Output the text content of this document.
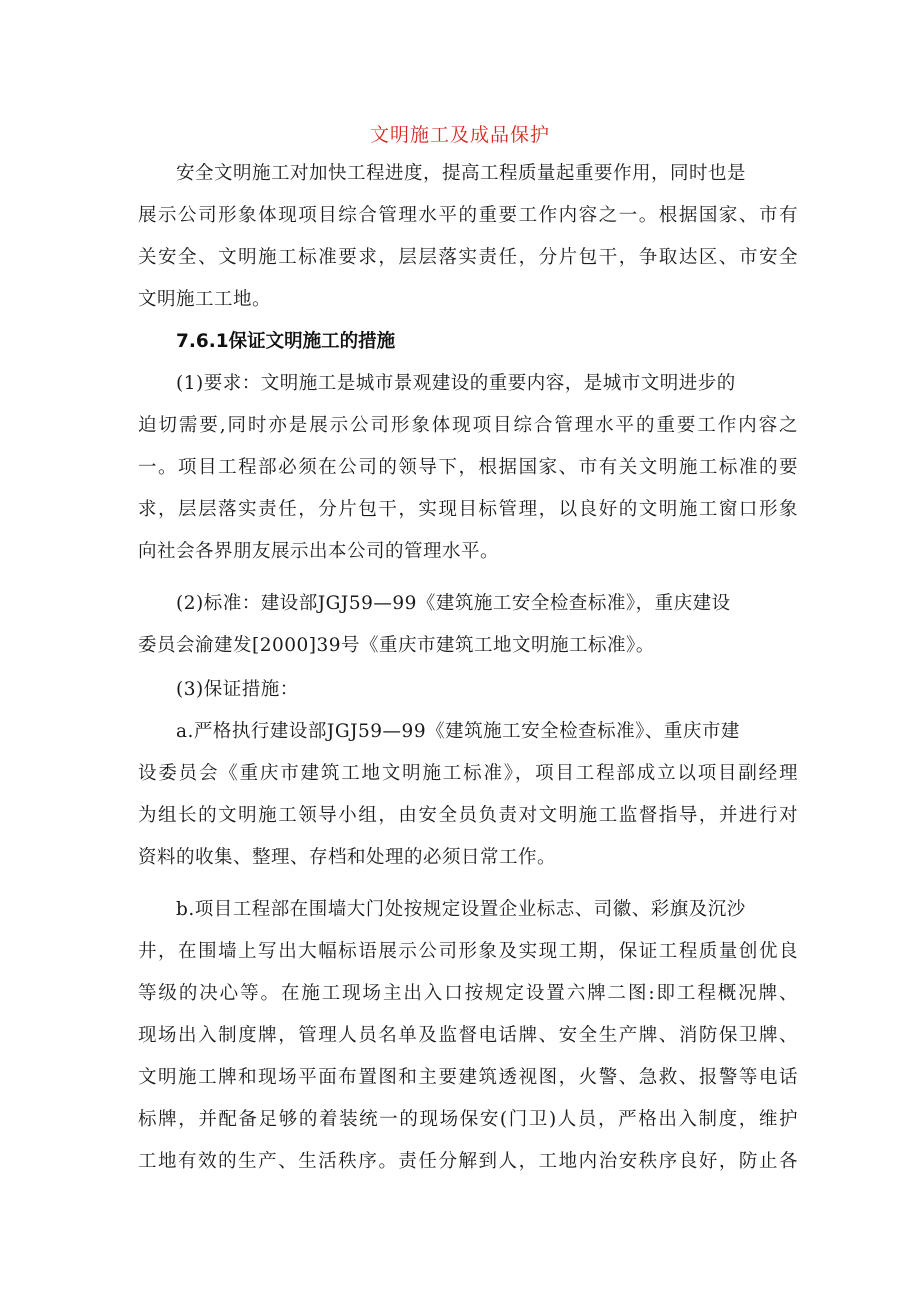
文明施工及成品保护
安全文明施工对加快工程进度，提高工程质量起重要作用，同时也是
展示公司形象体现项目综合管理水平的重要工作内容之一。根据国家、市有
关安全、文明施工标准要求，层层落实责任，分片包干，争取达区、市安全
文明施工工地。
7.6.1保证文明施工的措施
(1)要求：文明施工是城市景观建设的重要内容，是城市文明进步的
迫切需要,同时亦是展示公司形象体现项目综合管理水平的重要工作内容之
一。项目工程部必须在公司的领导下，根据国家、市有关文明施工标准的要
求，层层落实责任，分片包干，实现目标管理，以良好的文明施工窗口形象
向社会各界朋友展示出本公司的管理水平。
(2)标准：建设部JGJ59—99《建筑施工安全检查标准》，重庆建设
委员会渝建发[2000]39号《重庆市建筑工地文明施工标准》。
(3)保证措施：
a.严格执行建设部JGJ59—99《建筑施工安全检查标准》、重庆市建
设委员会《重庆市建筑工地文明施工标准》，项目工程部成立以项目副经理
为组长的文明施工领导小组，由安全员负责对文明施工监督指导，并进行对
资料的收集、整理、存档和处理的必须日常工作。
b.项目工程部在围墙大门处按规定设置企业标志、司徽、彩旗及沉沙
井，在围墙上写出大幅标语展示公司形象及实现工期，保证工程质量创优良
等级的决心等。在施工现场主出入口按规定设置六牌二图:即工程概况牌、
现场出入制度牌，管理人员名单及监督电话牌、安全生产牌、消防保卫牌、
文明施工牌和现场平面布置图和主要建筑透视图，火警、急救、报警等电话
标牌，并配备足够的着装统一的现场保安(门卫)人员，严格出入制度，维护
工地有效的生产、生活秩序。责任分解到人，工地内治安秩序良好，防止各
